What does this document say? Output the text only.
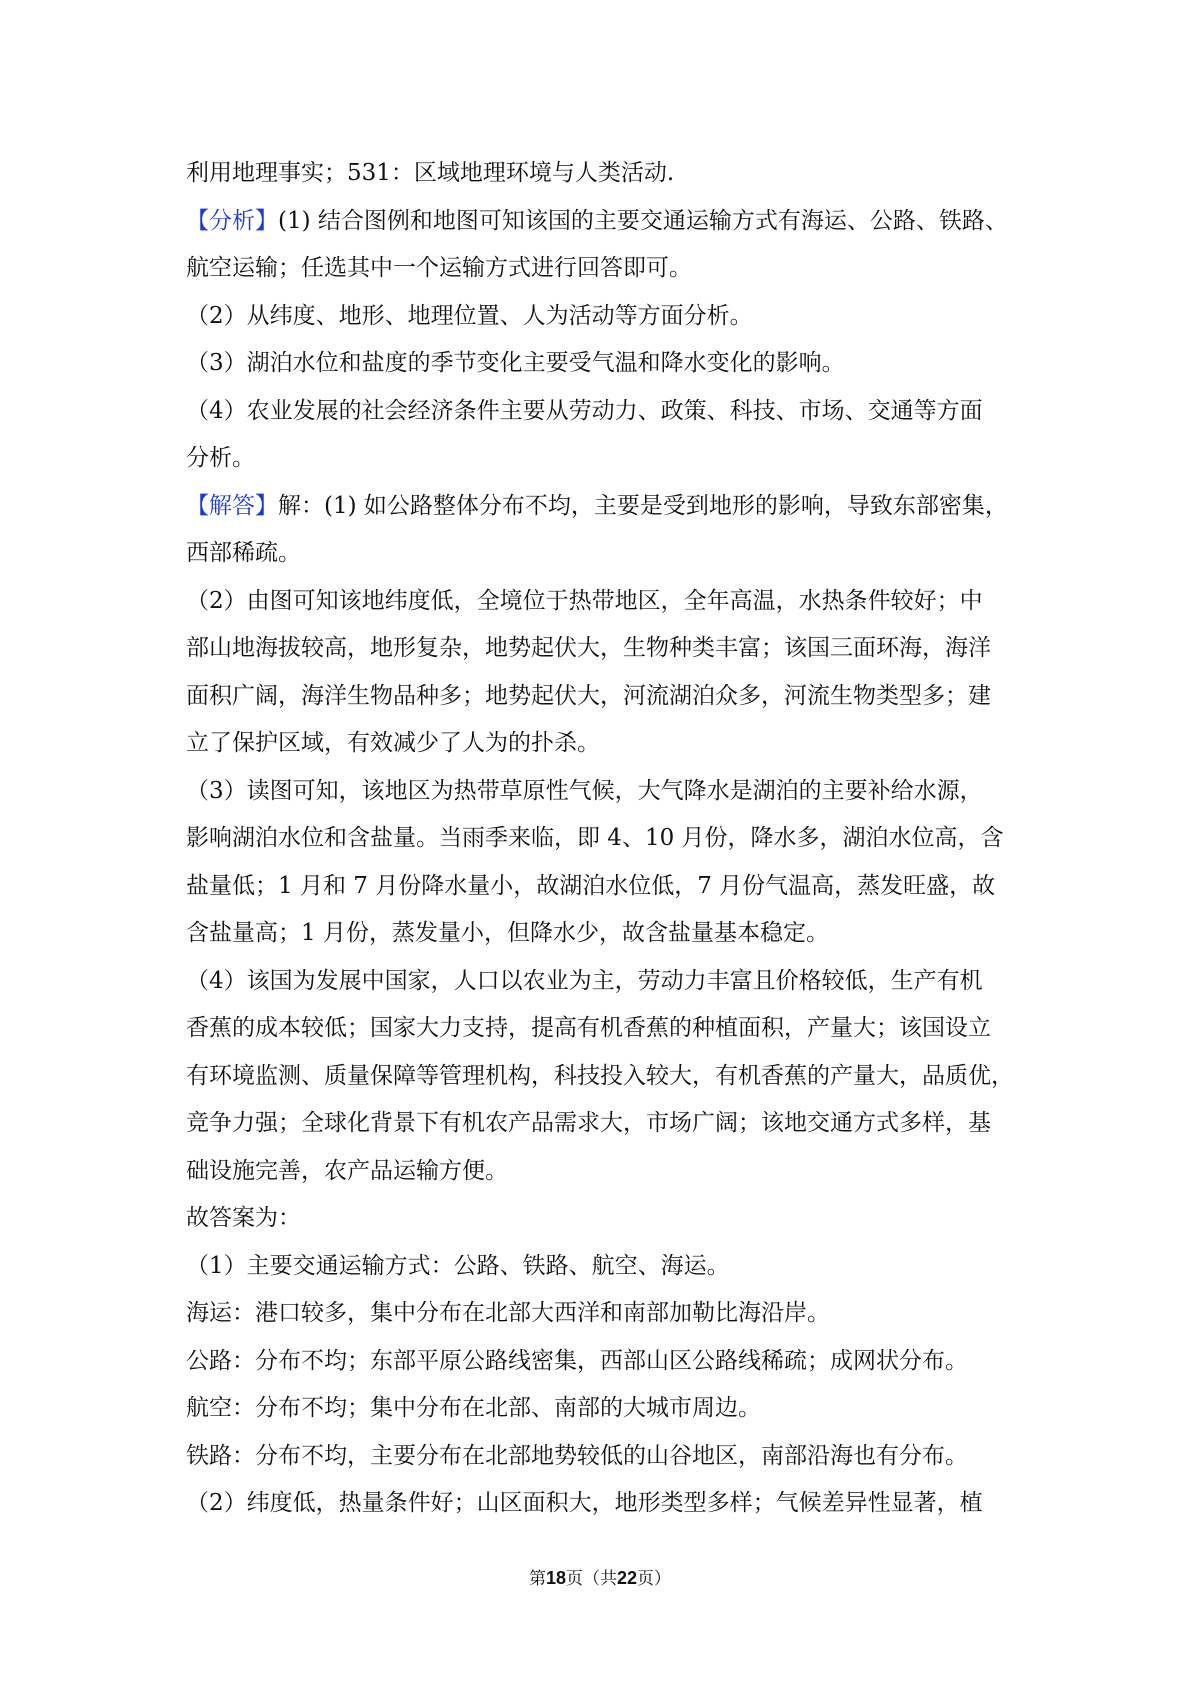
利用地理事实；531：区域地理环境与人类活动.
【分析】(1) 结合图例和地图可知该国的主要交通运输方式有海运、公路、铁路、
航空运输；任选其中一个运输方式进行回答即可。
（2）从纬度、地形、地理位置、人为活动等方面分析。
（3）湖泊水位和盐度的季节变化主要受气温和降水变化的影响。
（4）农业发展的社会经济条件主要从劳动力、政策、科技、市场、交通等方面
分析。
【解答】解：(1) 如公路整体分布不均，主要是受到地形的影响，导致东部密集，
西部稀疏。
（2）由图可知该地纬度低，全境位于热带地区，全年高温，水热条件较好；中
部山地海拔较高，地形复杂，地势起伏大，生物种类丰富；该国三面环海，海洋
面积广阔，海洋生物品种多；地势起伏大，河流湖泊众多，河流生物类型多；建
立了保护区域，有效减少了人为的扑杀。
（3）读图可知，该地区为热带草原性气候，大气降水是湖泊的主要补给水源，
影响湖泊水位和含盐量。当雨季来临，即 4、10 月份，降水多，湖泊水位高，含
盐量低；1 月和 7 月份降水量小，故湖泊水位低，7 月份气温高，蒸发旺盛，故
含盐量高；1 月份，蒸发量小，但降水少，故含盐量基本稳定。
（4）该国为发展中国家，人口以农业为主，劳动力丰富且价格较低，生产有机
香蕉的成本较低；国家大力支持，提高有机香蕉的种植面积，产量大；该国设立
有环境监测、质量保障等管理机构，科技投入较大，有机香蕉的产量大，品质优，
竞争力强；全球化背景下有机农产品需求大，市场广阔；该地交通方式多样，基
础设施完善，农产品运输方便。
故答案为：
（1）主要交通运输方式：公路、铁路、航空、海运。
海运：港口较多，集中分布在北部大西洋和南部加勒比海沿岸。
公路：分布不均；东部平原公路线密集，西部山区公路线稀疏；成网状分布。
航空：分布不均；集中分布在北部、南部的大城市周边。
铁路：分布不均，主要分布在北部地势较低的山谷地区，南部沿海也有分布。
（2）纬度低，热量条件好；山区面积大，地形类型多样；气候差异性显著，植
第18页（共22页）
